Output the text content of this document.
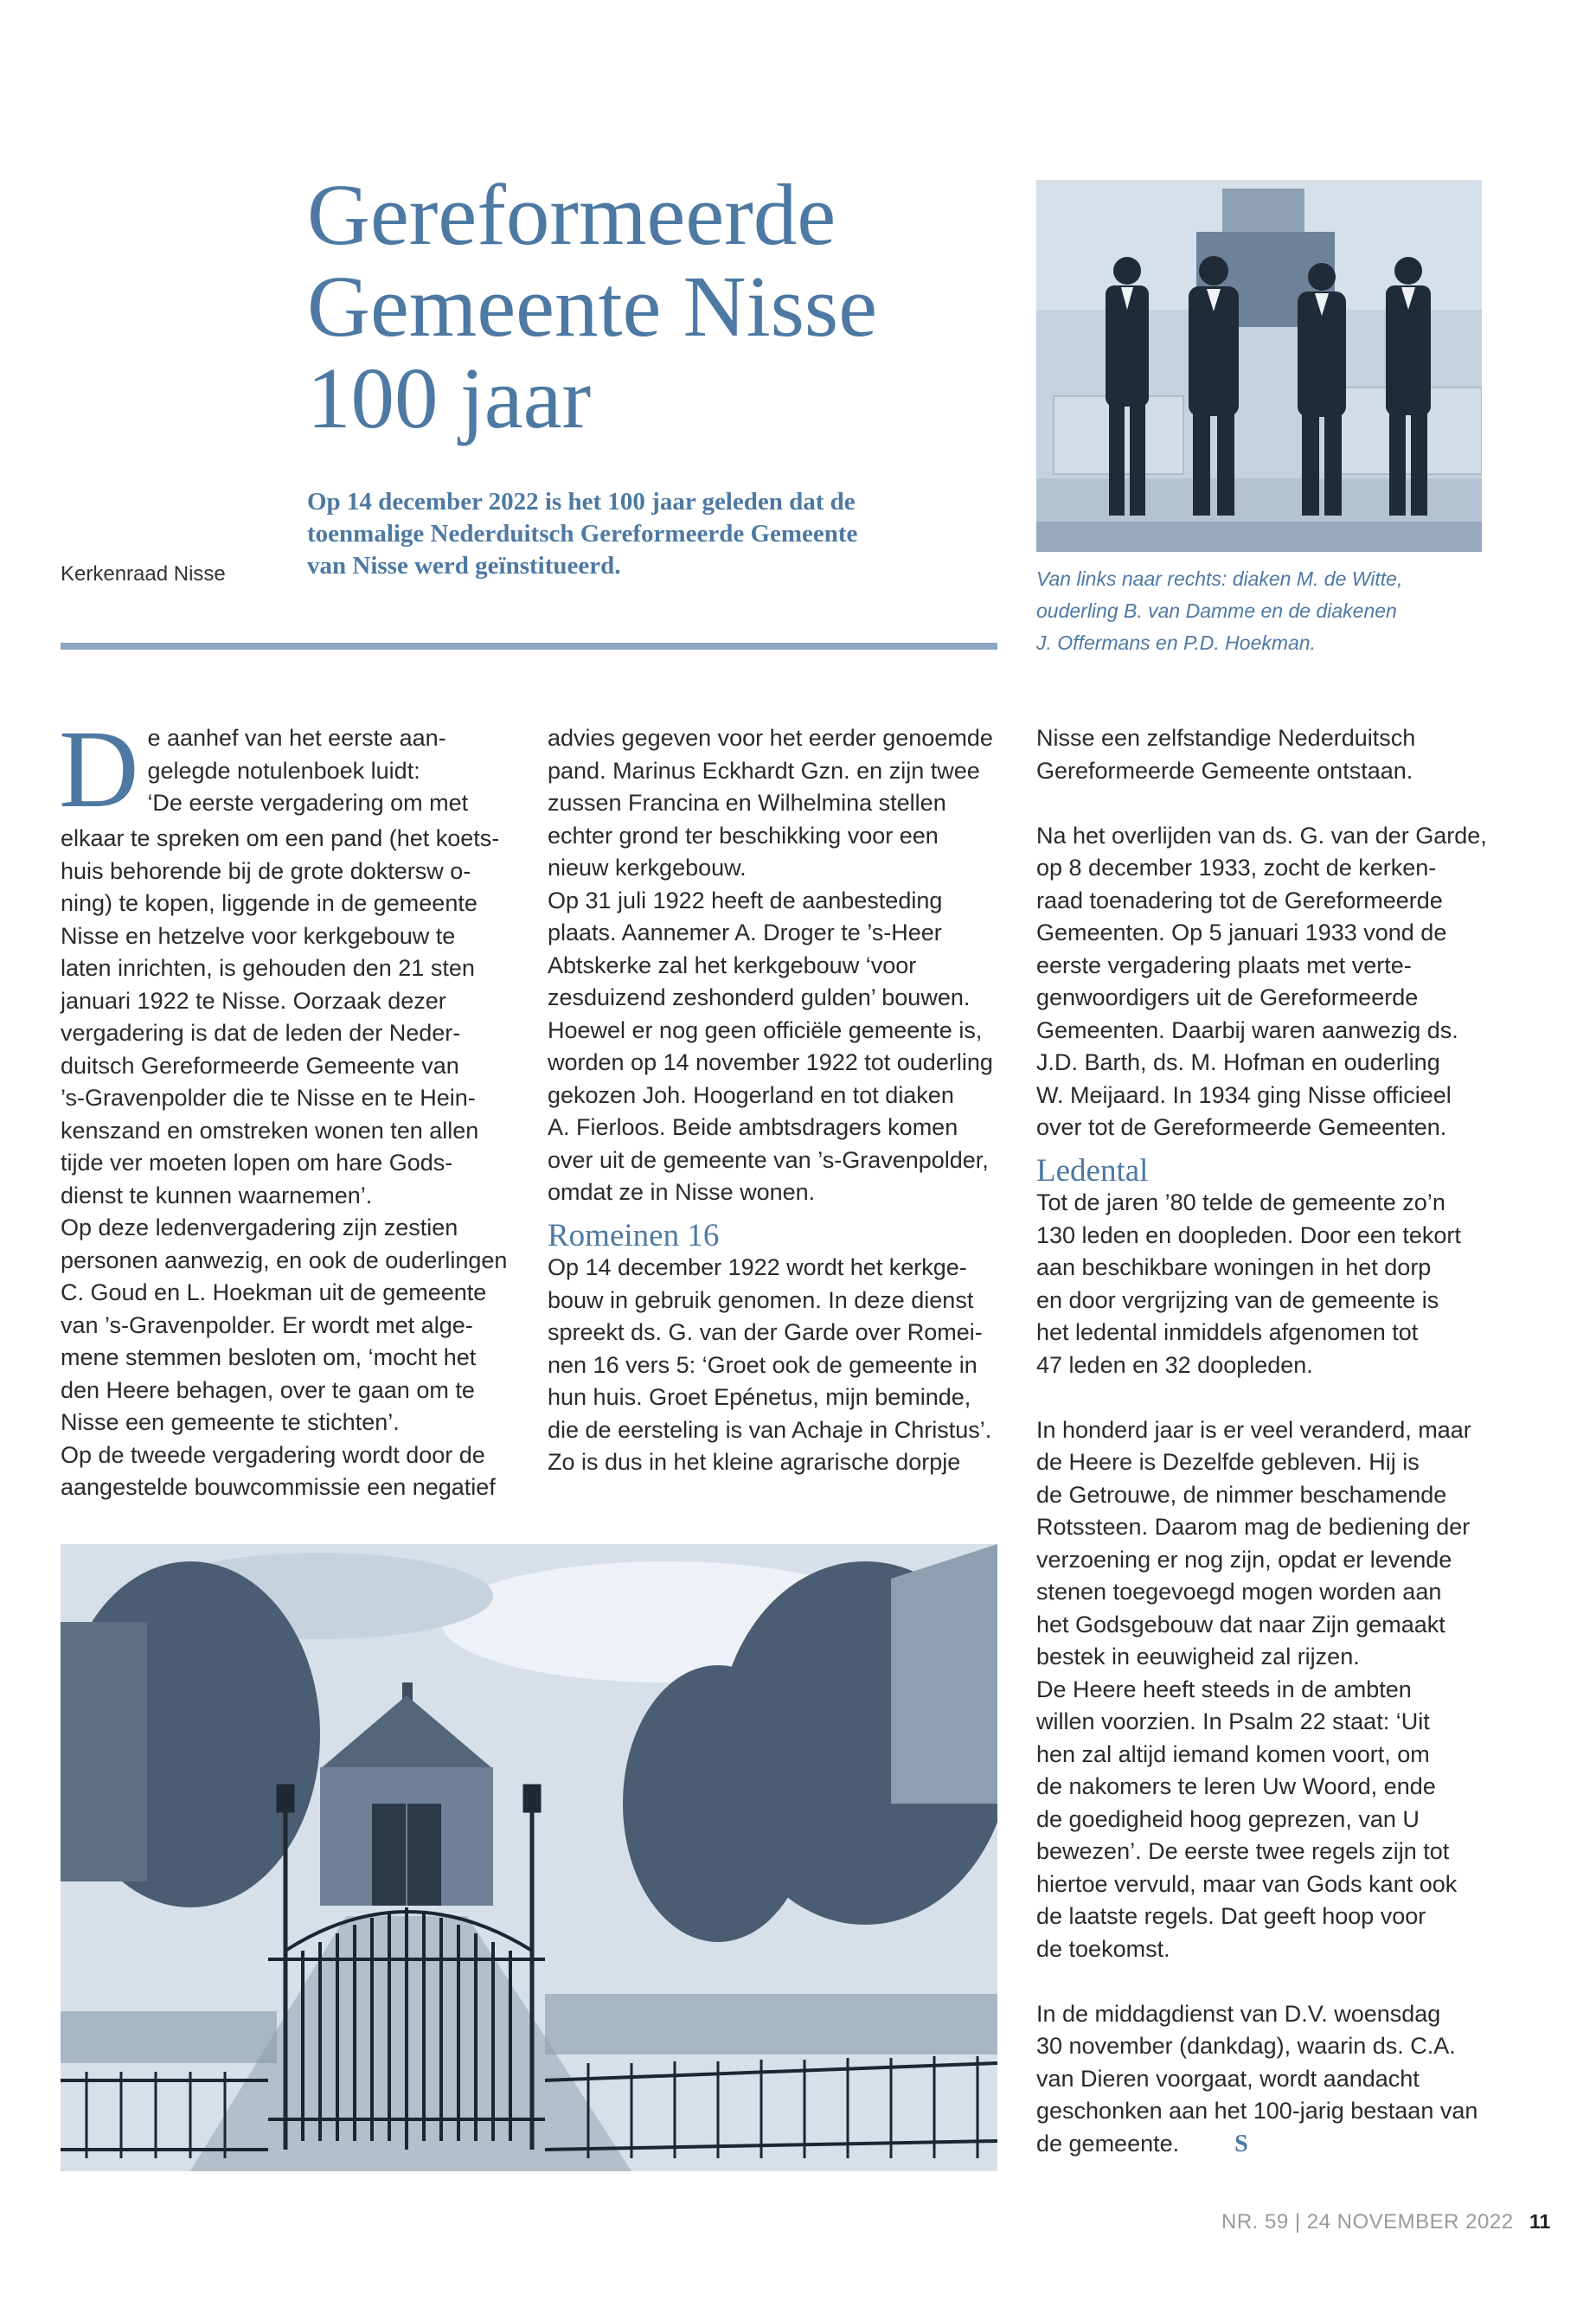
Gereformeerde
Gemeente Nisse
100 jaar

Op 14 december 2022 is het 100 jaar geleden dat de
toenmalige Nederduitsch Gereformeerde Gemeente
van Nisse werd geïnstitueerd.

Kerkenraad Nisse	Van links naar rechts: diaken M. de Witte,
ouderling B. van Damme en de diakenen
J. Offermans en P.D. Hoekman.
D e aanhef van het eerste aan-
gelegde notulenboek luidt:
‘De eerste vergadering om met
elkaar te spreken om een pand (het koets-
huis behorende bij de grote doktersw o-
ning) te kopen, liggende in de gemeente
Nisse en hetzelve voor kerkgebouw te
laten inrichten, is gehouden den 21 sten
januari 1922 te Nisse. Oorzaak dezer
vergadering is dat de leden der Neder-
duitsch Gereformeerde Gemeente van
’s-Gravenpolder die te Nisse en te Hein-
kenszand en omstreken wonen ten allen
tijde ver moeten lopen om hare Gods-
dienst te kunnen waarnemen’.
Op deze ledenvergadering zijn zestien
personen aanwezig, en ook de ouderlingen
C. Goud en L. Hoekman uit de gemeente
van ’s-Gravenpolder. Er wordt met alge-
mene stemmen besloten om, ‘mocht het
den Heere behagen, over te gaan om te
Nisse een gemeente te stichten’.
Op de tweede vergadering wordt door de
aangestelde bouwcommissie een negatief
advies gegeven voor het eerder genoemde
pand. Marinus Eckhardt Gzn. en zijn twee
zussen Francina en Wilhelmina stellen
echter grond ter beschikking voor een
nieuw kerkgebouw.
Op 31 juli 1922 heeft de aanbesteding
plaats. Aannemer A. Droger te ’s-Heer
Abtskerke zal het kerkgebouw ‘voor
zesduizend zeshonderd gulden’ bouwen.
Hoewel er nog geen officiële gemeente is,
worden op 14 november 1922 tot ouderling
gekozen Joh. Hoogerland en tot diaken
A. Fierloos. Beide ambtsdragers komen
over uit de gemeente van ’s-Gravenpolder,
omdat ze in Nisse wonen.
Romeinen 16
Op 14 december 1922 wordt het kerkge-
bouw in gebruik genomen. In deze dienst
spreekt ds. G. van der Garde over Romei-
nen 16 vers 5: ‘Groet ook de gemeente in
hun huis. Groet Epénetus, mijn beminde,
die de eersteling is van Achaje in Christus’.
Zo is dus in het kleine agrarische dorpje
Nisse een zelfstandige Nederduitsch
Gereformeerde Gemeente ontstaan.
Na het overlijden van ds. G. van der Garde,
op 8 december 1933, zocht de kerken-
raad toenadering tot de Gereformeerde
Gemeenten. Op 5 januari 1933 vond de
eerste vergadering plaats met verte-
genwoordigers uit de Gereformeerde
Gemeenten. Daarbij waren aanwezig ds.
J.D. Barth, ds. M. Hofman en ouderling
W. Meijaard. In 1934 ging Nisse officieel
over tot de Gereformeerde Gemeenten.
Ledental
Tot de jaren ’80 telde de gemeente zo’n
130 leden en doopleden. Door een tekort
aan beschikbare woningen in het dorp
en door vergrijzing van de gemeente is
het ledental inmiddels afgenomen tot
47 leden en 32 doopleden.
In honderd jaar is er veel veranderd, maar
de Heere is Dezelfde gebleven. Hij is
de Getrouwe, de nimmer beschamende
Rotssteen. Daarom mag de bediening der
verzoening er nog zijn, opdat er levende
stenen toegevoegd mogen worden aan
het Godsgebouw dat naar Zijn gemaakt
bestek in eeuwigheid zal rijzen.
De Heere heeft steeds in de ambten
willen voorzien. In Psalm 22 staat: ‘Uit
hen zal altijd iemand komen voort, om
de nakomers te leren Uw Woord, ende
de goedigheid hoog geprezen, van U
bewezen’. De eerste twee regels zijn tot
hiertoe vervuld, maar van Gods kant ook
de laatste regels. Dat geeft hoop voor
de toekomst.
In de middagdienst van D.V. woensdag
30 november (dankdag), waarin ds. C.A.
van Dieren voorgaat, wordt aandacht
geschonken aan het 100-jarig bestaan van
de gemeente. S
NR. 59 | 24 NOVEMBER 2022 11
